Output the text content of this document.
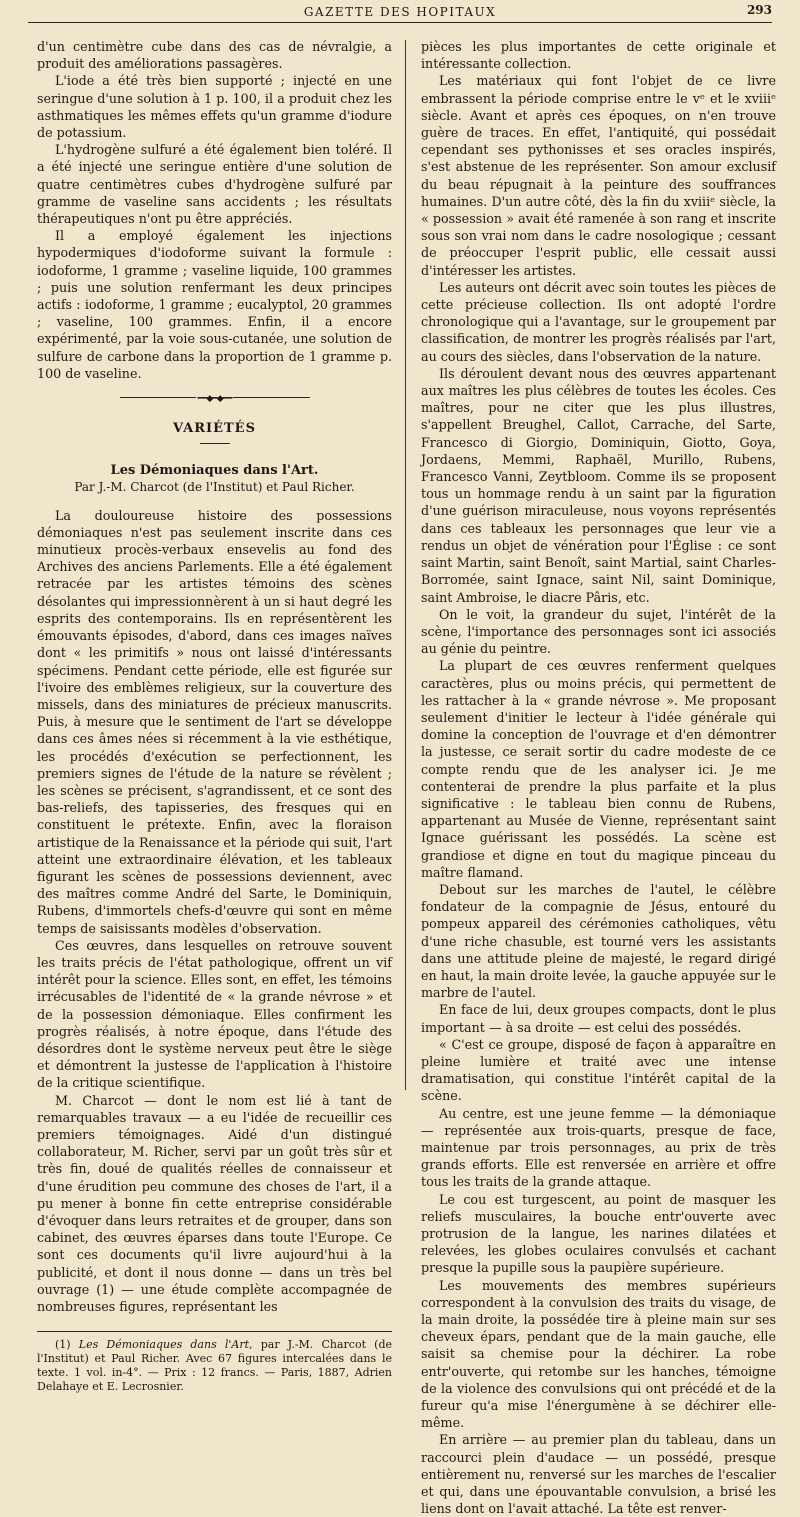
GAZETTE DES HOPITAUX	293

d'un centimètre cube dans des cas de névralgie, a produit des améliorations passagères.

L'iode a été très bien supporté ; injecté en une seringue d'une solution à 1 p. 100, il a produit chez les asthmatiques les mêmes effets qu'un gramme d'iodure de potassium.

L'hydrogène sulfuré a été également bien toléré. Il a été injecté une seringue entière d'une solution de quatre centimètres cubes d'hydrogène sulfuré par gramme de vaseline sans accidents ; les résultats thérapeutiques n'ont pu être appréciés.

Il a employé également les injections hypodermiques d'iodoforme suivant la formule : iodoforme, 1 gramme ; vaseline liquide, 100 grammes ; puis une solution renfermant les deux principes actifs : iodoforme, 1 gramme ; eucalyptol, 20 grammes ; vaseline, 100 grammes. Enfin, il a encore expérimenté, par la voie sous-cutanée, une solution de sulfure de carbone dans la proportion de 1 gramme p. 100 de vaseline.

━━◆━◆━━
VARIÉTÉS
Les Démoniaques dans l'Art.
Par J.-M. Charcot (de l'Institut) et Paul Richer.

La douloureuse histoire des possessions démoniaques n'est pas seulement inscrite dans ces minutieux procès-verbaux ensevelis au fond des Archives des anciens Parlements. Elle a été également retracée par les artistes témoins des scènes désolantes qui impressionnèrent à un si haut degré les esprits des contemporains. Ils en représentèrent les émouvants épisodes, d'abord, dans ces images naïves dont « les primitifs » nous ont laissé d'intéressants spécimens. Pendant cette période, elle est figurée sur l'ivoire des emblèmes religieux, sur la couverture des missels, dans des miniatures de précieux manuscrits. Puis, à mesure que le sentiment de l'art se développe dans ces âmes nées si récemment à la vie esthétique, les procédés d'exécution se perfectionnent, les premiers signes de l'étude de la nature se révèlent ; les scènes se précisent, s'agrandissent, et ce sont des bas-reliefs, des tapisseries, des fresques qui en constituent le prétexte. Enfin, avec la floraison artistique de la Renaissance et la période qui suit, l'art atteint une extraordinaire élévation, et les tableaux figurant les scènes de possessions deviennent, avec des maîtres comme André del Sarte, le Dominiquin, Rubens, d'immortels chefs-d'œuvre qui sont en même temps de saisissants modèles d'observation.

Ces œuvres, dans lesquelles on retrouve souvent les traits précis de l'état pathologique, offrent un vif intérêt pour la science. Elles sont, en effet, les témoins irrécusables de l'identité de « la grande névrose » et de la possession démoniaque. Elles confirment les progrès réalisés, à notre époque, dans l'étude des désordres dont le système nerveux peut être le siège et démontrent la justesse de l'application à l'histoire de la critique scientifique.

M. Charcot — dont le nom est lié à tant de remarquables travaux — a eu l'idée de recueillir ces premiers témoignages. Aidé d'un distingué collaborateur, M. Richer, servi par un goût très sûr et très fin, doué de qualités réelles de connaisseur et d'une érudition peu commune des choses de l'art, il a pu mener à bonne fin cette entreprise considérable d'évoquer dans leurs retraites et de grouper, dans son cabinet, des œuvres éparses dans toute l'Europe. Ce sont ces documents qu'il livre aujourd'hui à la publicité, et dont il nous donne — dans un très bel ouvrage (1) — une étude complète accompagnée de nombreuses figures, représentant les

(1) Les Démoniaques dans l'Art, par J.-M. Charcot (de l'Institut) et Paul Richer. Avec 67 figures intercalées dans le texte. 1 vol. in-4°. — Prix : 12 francs. — Paris, 1887, Adrien Delahaye et E. Lecrosnier.

pièces les plus importantes de cette originale et intéressante collection.

Les matériaux qui font l'objet de ce livre embrassent la période comprise entre le vᵉ et le xviiiᵉ siècle. Avant et après ces époques, on n'en trouve guère de traces. En effet, l'antiquité, qui possédait cependant ses pythonisses et ses oracles inspirés, s'est abstenue de les représenter. Son amour exclusif du beau répugnait à la peinture des souffrances humaines. D'un autre côté, dès la fin du xviiiᵉ siècle, la « possession » avait été ramenée à son rang et inscrite sous son vrai nom dans le cadre nosologique ; cessant de préoccuper l'esprit public, elle cessait aussi d'intéresser les artistes.

Les auteurs ont décrit avec soin toutes les pièces de cette précieuse collection. Ils ont adopté l'ordre chronologique qui a l'avantage, sur le groupement par classification, de montrer les progrès réalisés par l'art, au cours des siècles, dans l'observation de la nature.

Ils déroulent devant nous des œuvres appartenant aux maîtres les plus célèbres de toutes les écoles. Ces maîtres, pour ne citer que les plus illustres, s'appellent Breughel, Callot, Carrache, del Sarte, Francesco di Giorgio, Dominiquin, Giotto, Goya, Jordaens, Memmi, Raphaël, Murillo, Rubens, Francesco Vanni, Zeytbloom. Comme ils se proposent tous un hommage rendu à un saint par la figuration d'une guérison miraculeuse, nous voyons représentés dans ces tableaux les personnages que leur vie a rendus un objet de vénération pour l'Église : ce sont saint Martin, saint Benoît, saint Martial, saint Charles-Borromée, saint Ignace, saint Nil, saint Dominique, saint Ambroise, le diacre Pâris, etc.

On le voit, la grandeur du sujet, l'intérêt de la scène, l'importance des personnages sont ici associés au génie du peintre.

La plupart de ces œuvres renferment quelques caractères, plus ou moins précis, qui permettent de les rattacher à la « grande névrose ». Me proposant seulement d'initier le lecteur à l'idée générale qui domine la conception de l'ouvrage et d'en démontrer la justesse, ce serait sortir du cadre modeste de ce compte rendu que de les analyser ici. Je me contenterai de prendre la plus parfaite et la plus significative : le tableau bien connu de Rubens, appartenant au Musée de Vienne, représentant saint Ignace guérissant les possédés. La scène est grandiose et digne en tout du magique pinceau du maître flamand.

Debout sur les marches de l'autel, le célèbre fondateur de la compagnie de Jésus, entouré du pompeux appareil des cérémonies catholiques, vêtu d'une riche chasuble, est tourné vers les assistants dans une attitude pleine de majesté, le regard dirigé en haut, la main droite levée, la gauche appuyée sur le marbre de l'autel.

En face de lui, deux groupes compacts, dont le plus important — à sa droite — est celui des possédés.

« C'est ce groupe, disposé de façon à apparaître en pleine lumière et traité avec une intense dramatisation, qui constitue l'intérêt capital de la scène.

Au centre, est une jeune femme — la démoniaque — représentée aux trois-quarts, presque de face, maintenue par trois personnages, au prix de très grands efforts. Elle est renversée en arrière et offre tous les traits de la grande attaque.

Le cou est turgescent, au point de masquer les reliefs musculaires, la bouche entr'ouverte avec protrusion de la langue, les narines dilatées et relevées, les globes oculaires convulsés et cachant presque la pupille sous la paupière supérieure.

Les mouvements des membres supérieurs correspondent à la convulsion des traits du visage, de la main droite, la possédée tire à pleine main sur ses cheveux épars, pendant que de la main gauche, elle saisit sa chemise pour la déchirer. La robe entr'ouverte, qui retombe sur les hanches, témoigne de la violence des convulsions qui ont précédé et de la fureur qu'a mise l'énergumène à se déchirer elle-même.

En arrière — au premier plan du tableau, dans un raccourci plein d'audace — un possédé, presque entièrement nu, renversé sur les marches de l'escalier et qui, dans une épouvantable convulsion, a brisé les liens dont on l'avait attaché. La tête est renver-
